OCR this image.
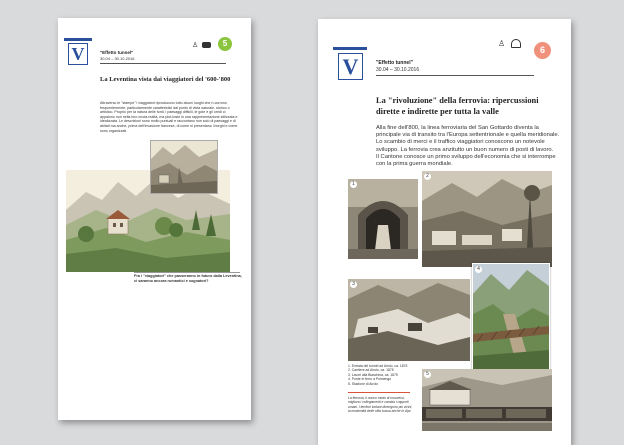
V	"Effetto tunnel"
30.04 – 30.10.2016
♙	5
La Leventina vista dai viaggiatori del '600-'800
Attraverso le "stampe" i viaggiatori riproducono tutto alcuni luoghi che ri-corrono frequentemente, particolarmente caratteristici dal punto di vista naturale, storico o artistico. Proprio per la natura delle fonti, i paesaggi difficili, le gole e gli orridi ci appaiono non nella loro cruda realtà, ma piut-tosto in una rappresentazione stilizzata e idealizzata. Le descrizioni sono molto puntuali e raccontano non solo di paesaggi e di abitati ma anche, prima dell'invasione francese, di come si presentano i borghi e come sono organizzati.
Fra i "viaggiatori" che passeranno in futuro dalla Leventina, ci saranno ancora romantici e sognatori?
V	"Effetto tunnel"
30.04 – 30.10.2016
♙
6
La "rivoluzione" della ferrovia: ripercussioni
dirette e indirette per tutta la valle
Alla fine dell'800, la linea ferroviaria del San Gottardo diventa la principale via di transito tra l'Europa settentrionale e quella meridionale. Lo scambio di merci e il traffico viaggiatori conoscono un notevole sviluppo. La ferrovia crea anzitutto un buon numero di posti di lavoro.
Il Cantone conosce un primo sviluppo dell'economia che si interrompe con la prima guerra mondiale.
1
2
3
4
5
1. Entrata del tunnel ad Airolo, ca. 1875
2. Cantiere ad Airolo, ca. 1875
3. Lavori alla Biaschina, ca. 1875
4. Ponte in ferro a Polmengo
5. Stazione di Airolo
La ferrovia, il nuovo modo di muoversi, migliora i collegamenti e cambia i rapporti umani. I territori lontani divengono più vicini, la modernità delle città bussa anche in Alpi.
